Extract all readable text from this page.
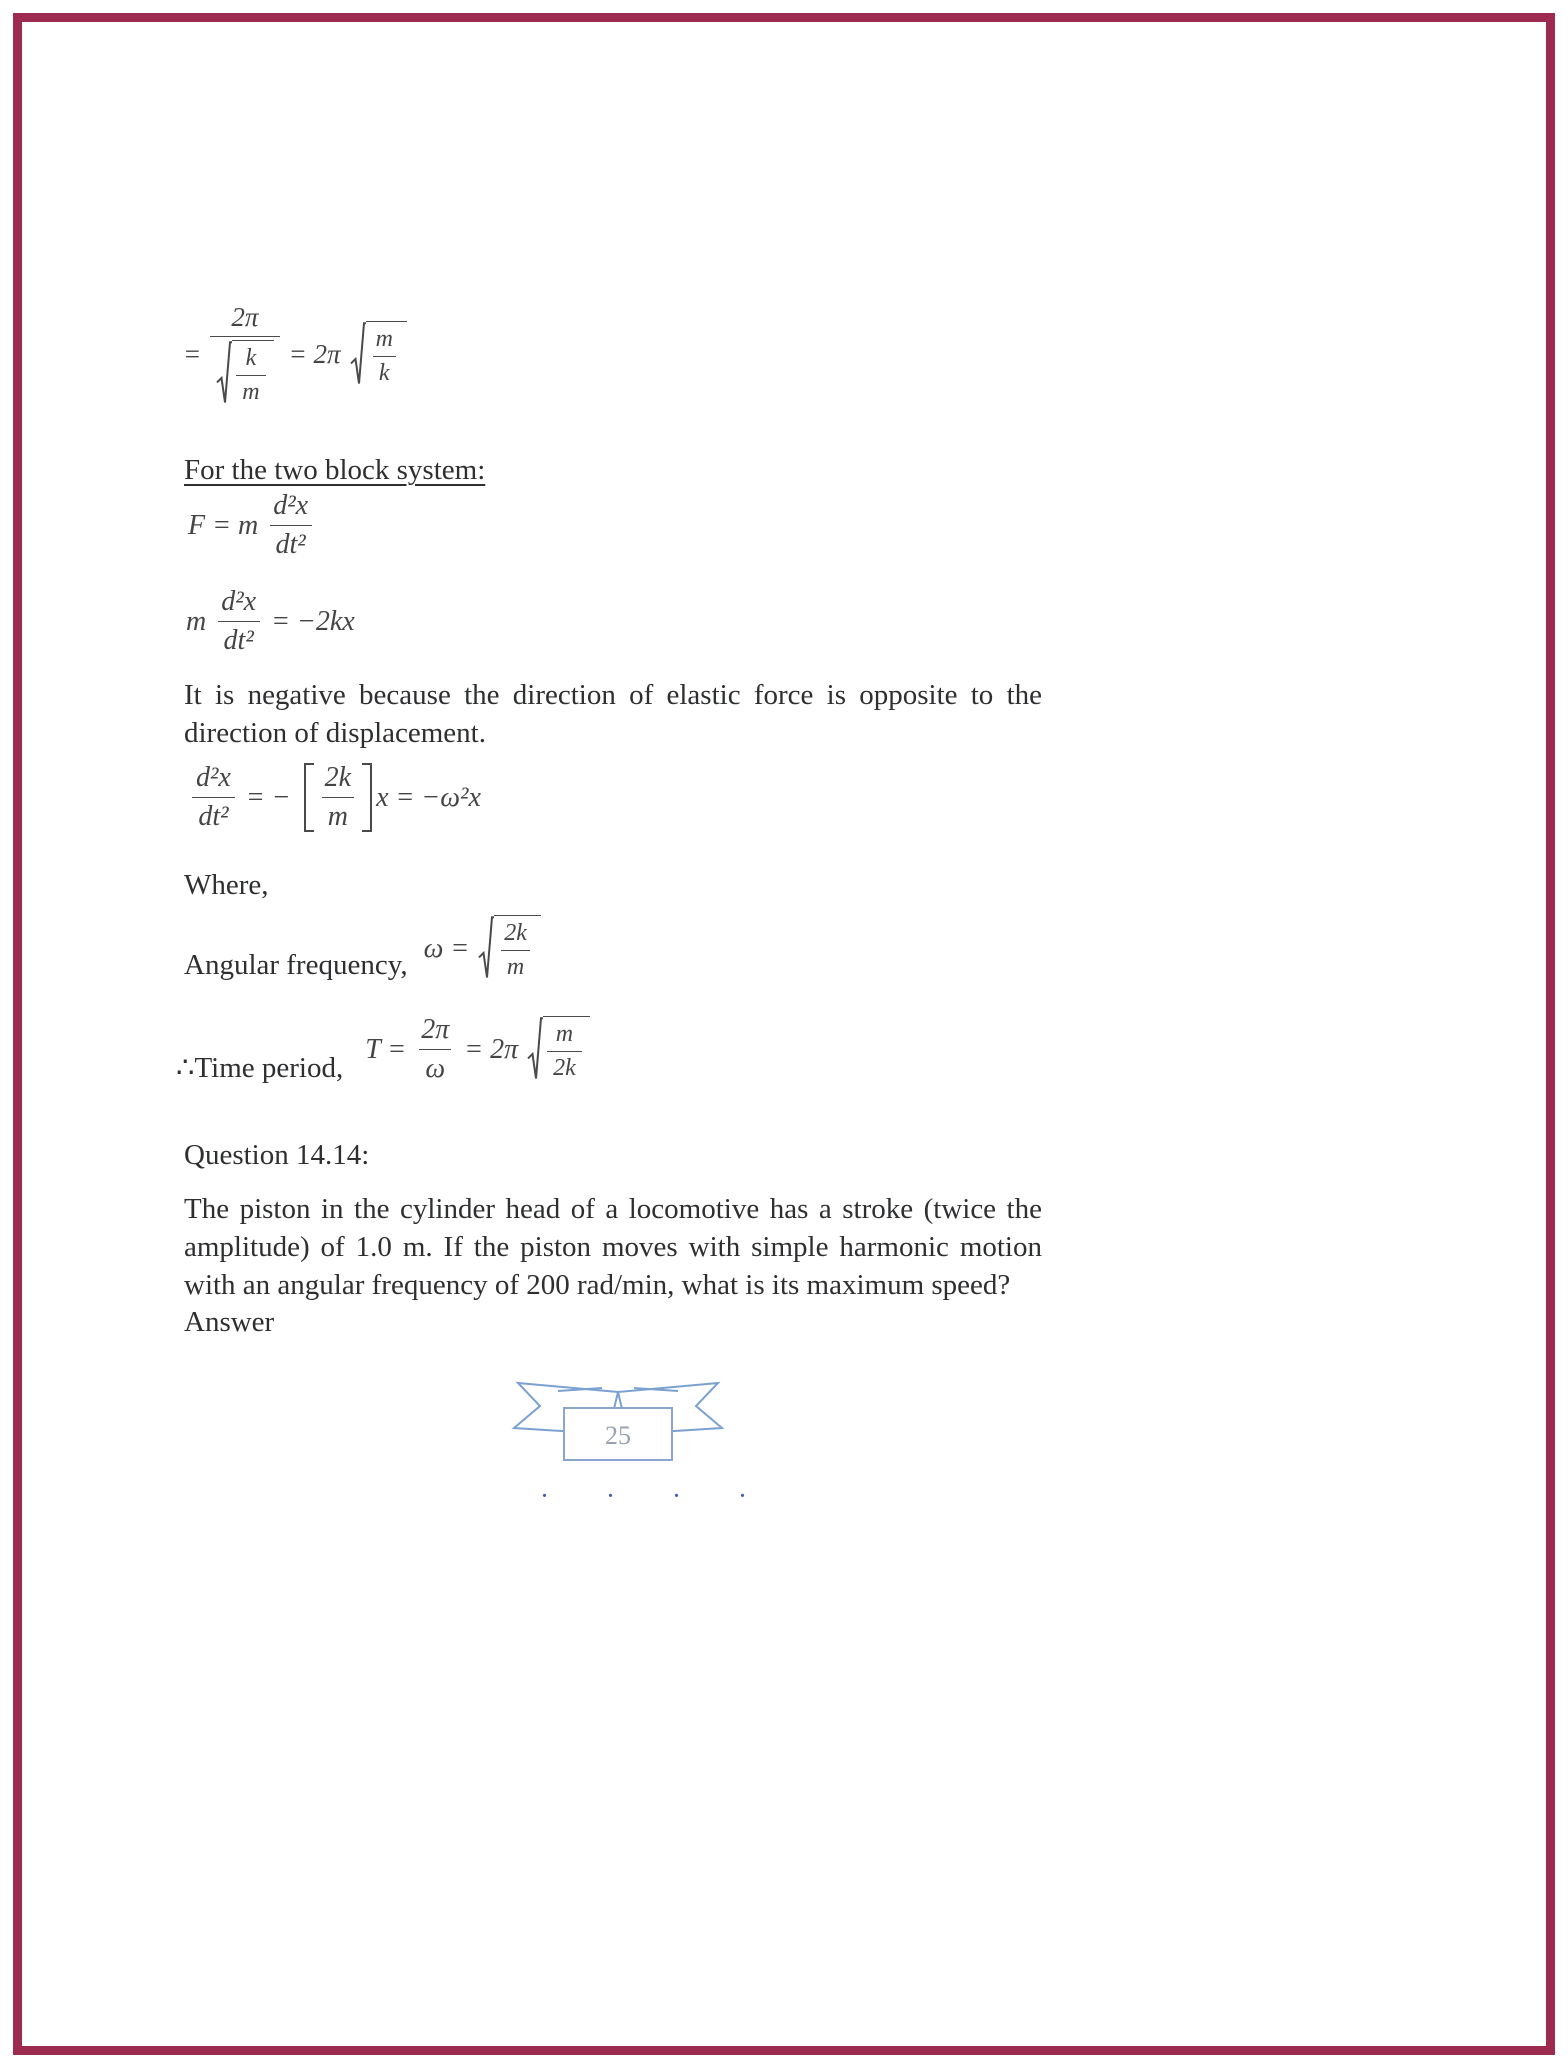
= $\frac{2\pi}{\frac{k}{m}} = 2\pi \frac{m}{k}$
For the two block system:
F = m $\frac{\text{d²x}}{\text{dt²}}$
m $\frac{\text{d²x}}{\text{dt²}} = -2kx$
It is negative because the direction of elastic force is opposite to the direction of displacement.
$\frac{\text{d²x}}{\text{dt²}}$ = − $\frac{2k}{m}$ x = −ω²x
Where,
Angular frequency,
$\omega = \frac{2k}{m}$
∴Time period,
$T = \frac{2\pi}{\omega} = 2\pi \frac{m}{2k}$
Question 14.14:
The piston in the cylinder head of a locomotive has a stroke (twice the amplitude) of 1.0 m. If the piston moves with simple harmonic motion with an angular frequency of 200 rad/min, what is its maximum speed?
Answer
25
. . . .
